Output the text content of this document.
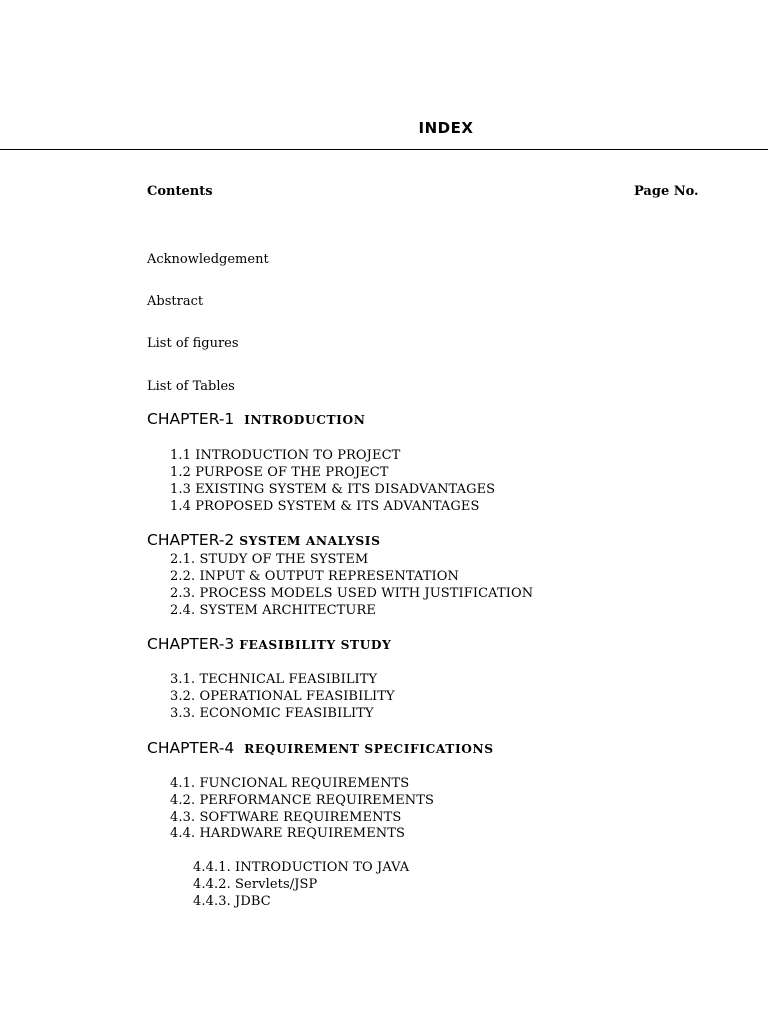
INDEX
Contents	Page No.
Acknowledgement
Abstract
List of figures
List of Tables
CHAPTER-1 INTRODUCTION
1.1 INTRODUCTION TO PROJECT
1.2 PURPOSE OF THE PROJECT
1.3 EXISTING SYSTEM & ITS DISADVANTAGES
1.4 PROPOSED SYSTEM & ITS ADVANTAGES
CHAPTER-2 SYSTEM ANALYSIS
2.1. STUDY OF THE SYSTEM
2.2. INPUT & OUTPUT REPRESENTATION
2.3. PROCESS MODELS USED WITH JUSTIFICATION
2.4. SYSTEM ARCHITECTURE
CHAPTER-3 FEASIBILITY STUDY
3.1. TECHNICAL FEASIBILITY
3.2. OPERATIONAL FEASIBILITY
3.3. ECONOMIC FEASIBILITY
CHAPTER-4 REQUIREMENT SPECIFICATIONS
4.1. FUNCIONAL REQUIREMENTS
4.2. PERFORMANCE REQUIREMENTS
4.3. SOFTWARE REQUIREMENTS
4.4. HARDWARE REQUIREMENTS
4.4.1. INTRODUCTION TO JAVA
4.4.2. Servlets/JSP
4.4.3. JDBC
